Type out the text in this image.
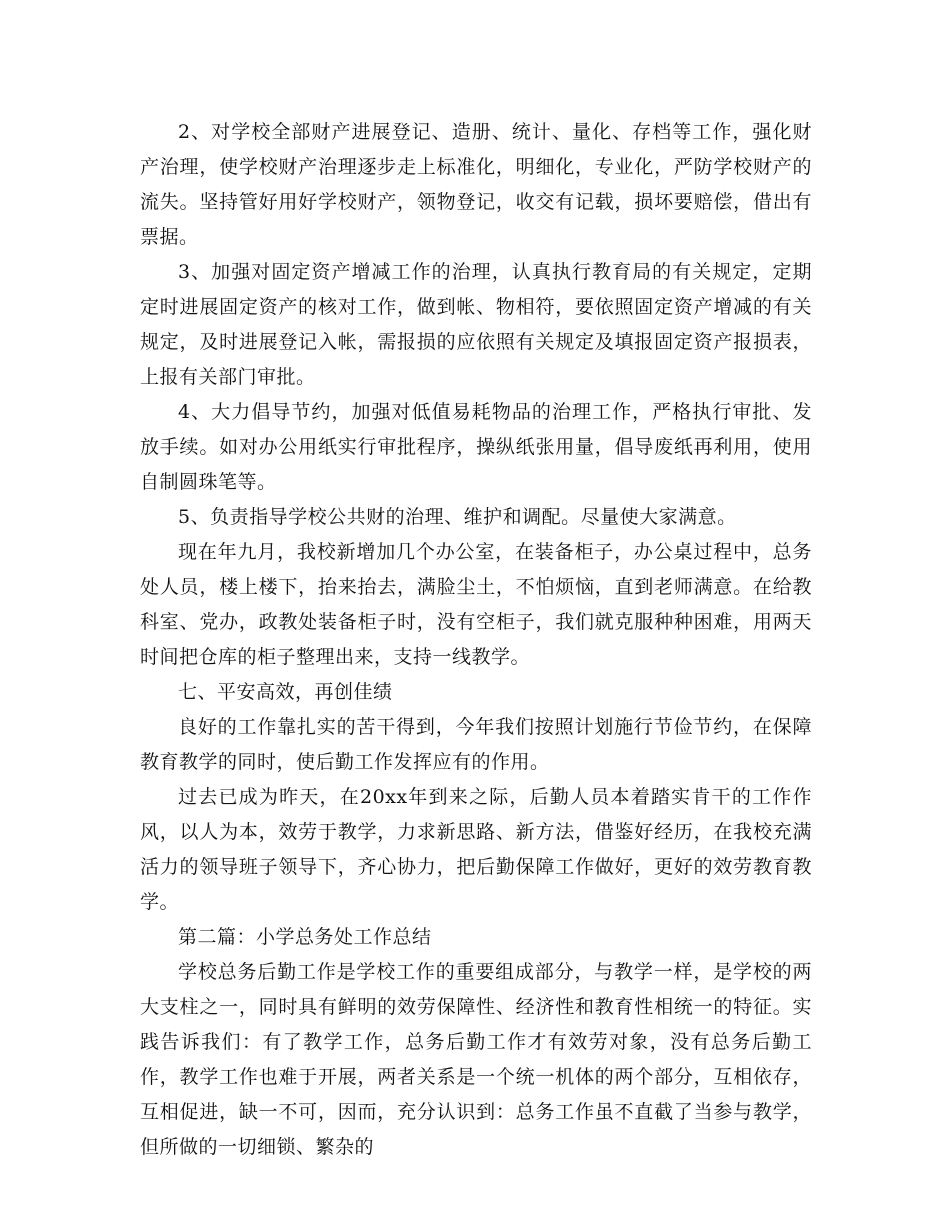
2、对学校全部财产进展登记、造册、统计、量化、存档等工作，强化财产治理，使学校财产治理逐步走上标准化，明细化，专业化，严防学校财产的流失。坚持管好用好学校财产，领物登记，收交有记载，损坏要赔偿，借出有票据。

3、加强对固定资产增减工作的治理，认真执行教育局的有关规定，定期定时进展固定资产的核对工作，做到帐、物相符，要依照固定资产增减的有关规定，及时进展登记入帐，需报损的应依照有关规定及填报固定资产报损表，上报有关部门审批。

4、大力倡导节约，加强对低值易耗物品的治理工作，严格执行审批、发放手续。如对办公用纸实行审批程序，操纵纸张用量，倡导废纸再利用，使用自制圆珠笔等。

5、负责指导学校公共财的治理、维护和调配。尽量使大家满意。

现在年九月，我校新增加几个办公室，在装备柜子，办公桌过程中，总务处人员，楼上楼下，抬来抬去，满脸尘土，不怕烦恼，直到老师满意。在给教科室、党办，政教处装备柜子时，没有空柜子，我们就克服种种困难，用两天时间把仓库的柜子整理出来，支持一线教学。

七、平安高效，再创佳绩

良好的工作靠扎实的苦干得到，今年我们按照计划施行节俭节约，在保障教育教学的同时，使后勤工作发挥应有的作用。

过去已成为昨天，在20xx年到来之际，后勤人员本着踏实肯干的工作作风，以人为本，效劳于教学，力求新思路、新方法，借鉴好经历，在我校充满活力的领导班子领导下，齐心协力，把后勤保障工作做好，更好的效劳教育教学。

第二篇：小学总务处工作总结

学校总务后勤工作是学校工作的重要组成部分，与教学一样，是学校的两大支柱之一，同时具有鲜明的效劳保障性、经济性和教育性相统一的特征。实践告诉我们：有了教学工作，总务后勤工作才有效劳对象，没有总务后勤工作，教学工作也难于开展，两者关系是一个统一机体的两个部分，互相依存，互相促进，缺一不可，因而，充分认识到：总务工作虽不直截了当参与教学，但所做的一切细锁、繁杂的
